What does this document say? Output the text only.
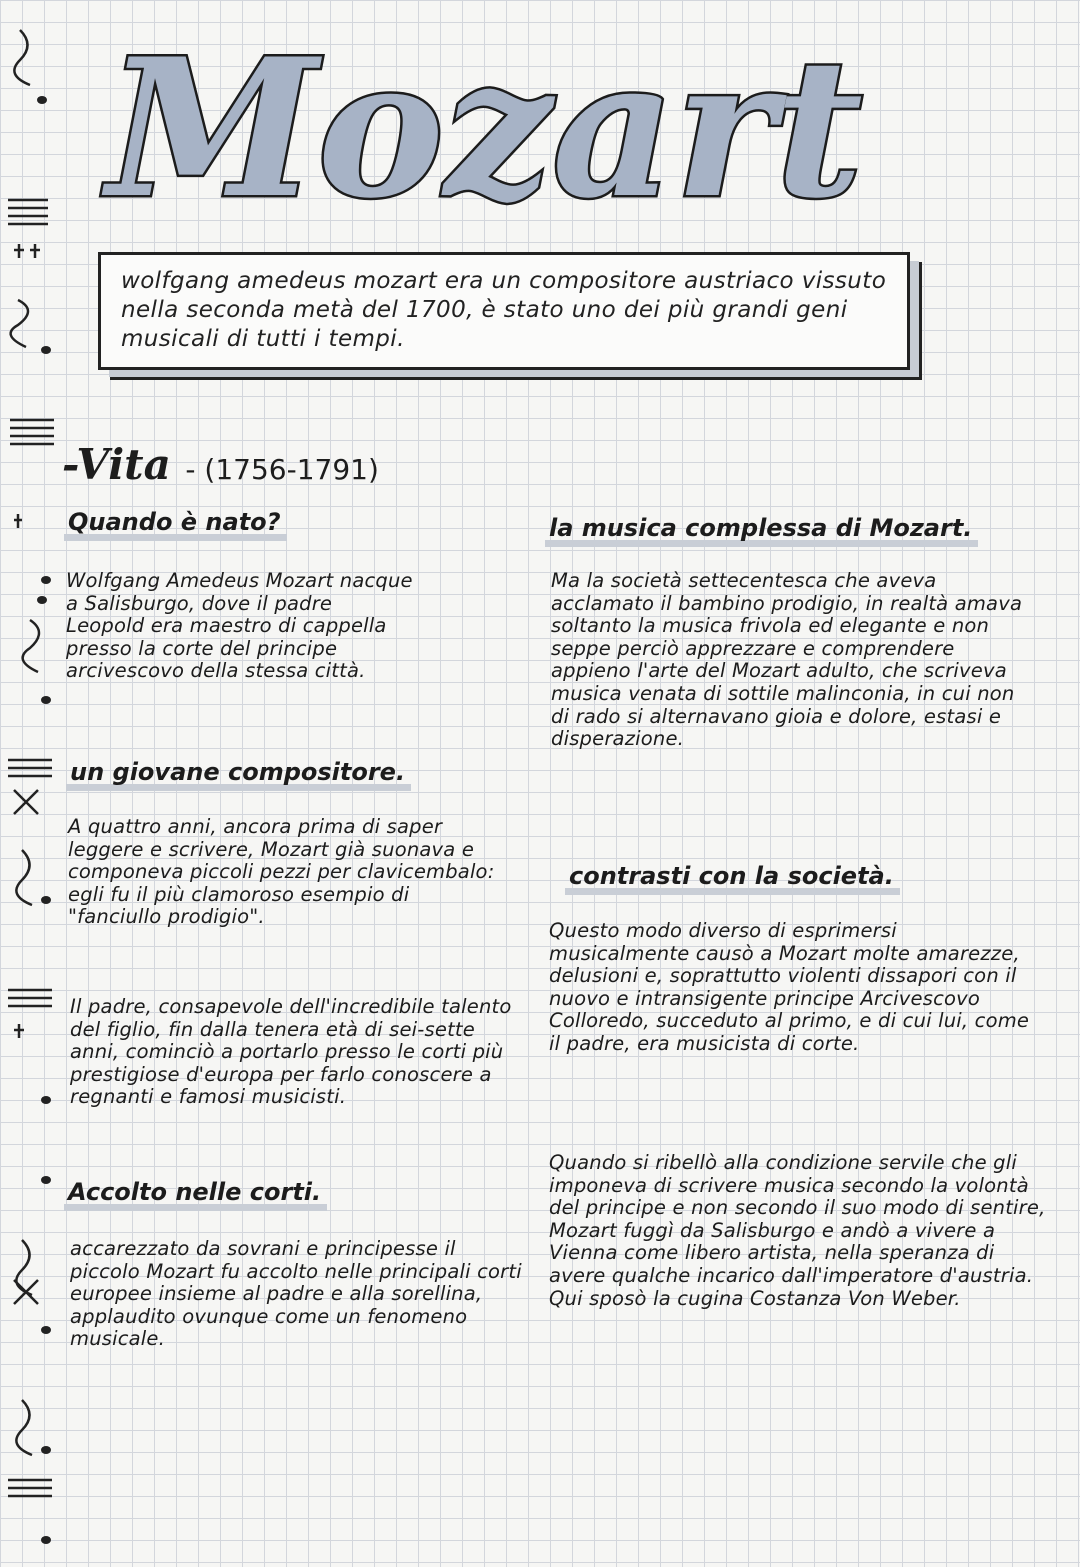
Mozart

wolfgang amedeus mozart era un compositore austriaco vissuto nella seconda metà del 1700, è stato uno dei più grandi geni musicali di tutti i tempi.

-Vita - (1756-1791)
Quando è nato?

Wolfgang Amedeus Mozart nacque a Salisburgo, dove il padre Leopold era maestro di cappella presso la corte del principe arcivescovo della stessa città.

un giovane compositore.

A quattro anni, ancora prima di saper leggere e scrivere, Mozart già suonava e componeva piccoli pezzi per clavicembalo: egli fu il più clamoroso esempio di "fanciullo prodigio".

Il padre, consapevole dell'incredibile talento del figlio, fin dalla tenera età di sei-sette anni, cominciò a portarlo presso le corti più prestigiose d'europa per farlo conoscere a regnanti e famosi musicisti.

Accolto nelle corti.

accarezzato da sovrani e principesse il piccolo Mozart fu accolto nelle principali corti europee insieme al padre e alla sorellina, applaudito ovunque come un fenomeno musicale.

la musica complessa di Mozart.

Ma la società settecentesca che aveva acclamato il bambino prodigio, in realtà amava soltanto la musica frivola ed elegante e non seppe perciò apprezzare e comprendere appieno l'arte del Mozart adulto, che scriveva musica venata di sottile malinconia, in cui non di rado si alternavano gioia e dolore, estasi e disperazione.

contrasti con la società.

Questo modo diverso di esprimersi musicalmente causò a Mozart molte amarezze, delusioni e, soprattutto violenti dissapori con il nuovo e intransigente principe Arcivescovo Colloredo, succeduto al primo, e di cui lui, come il padre, era musicista di corte.

Quando si ribellò alla condizione servile che gli imponeva di scrivere musica secondo la volontà del principe e non secondo il suo modo di sentire, Mozart fuggì da Salisburgo e andò a vivere a Vienna come libero artista, nella speranza di avere qualche incarico dall'imperatore d'austria. Qui sposò la cugina Costanza Von Weber.
